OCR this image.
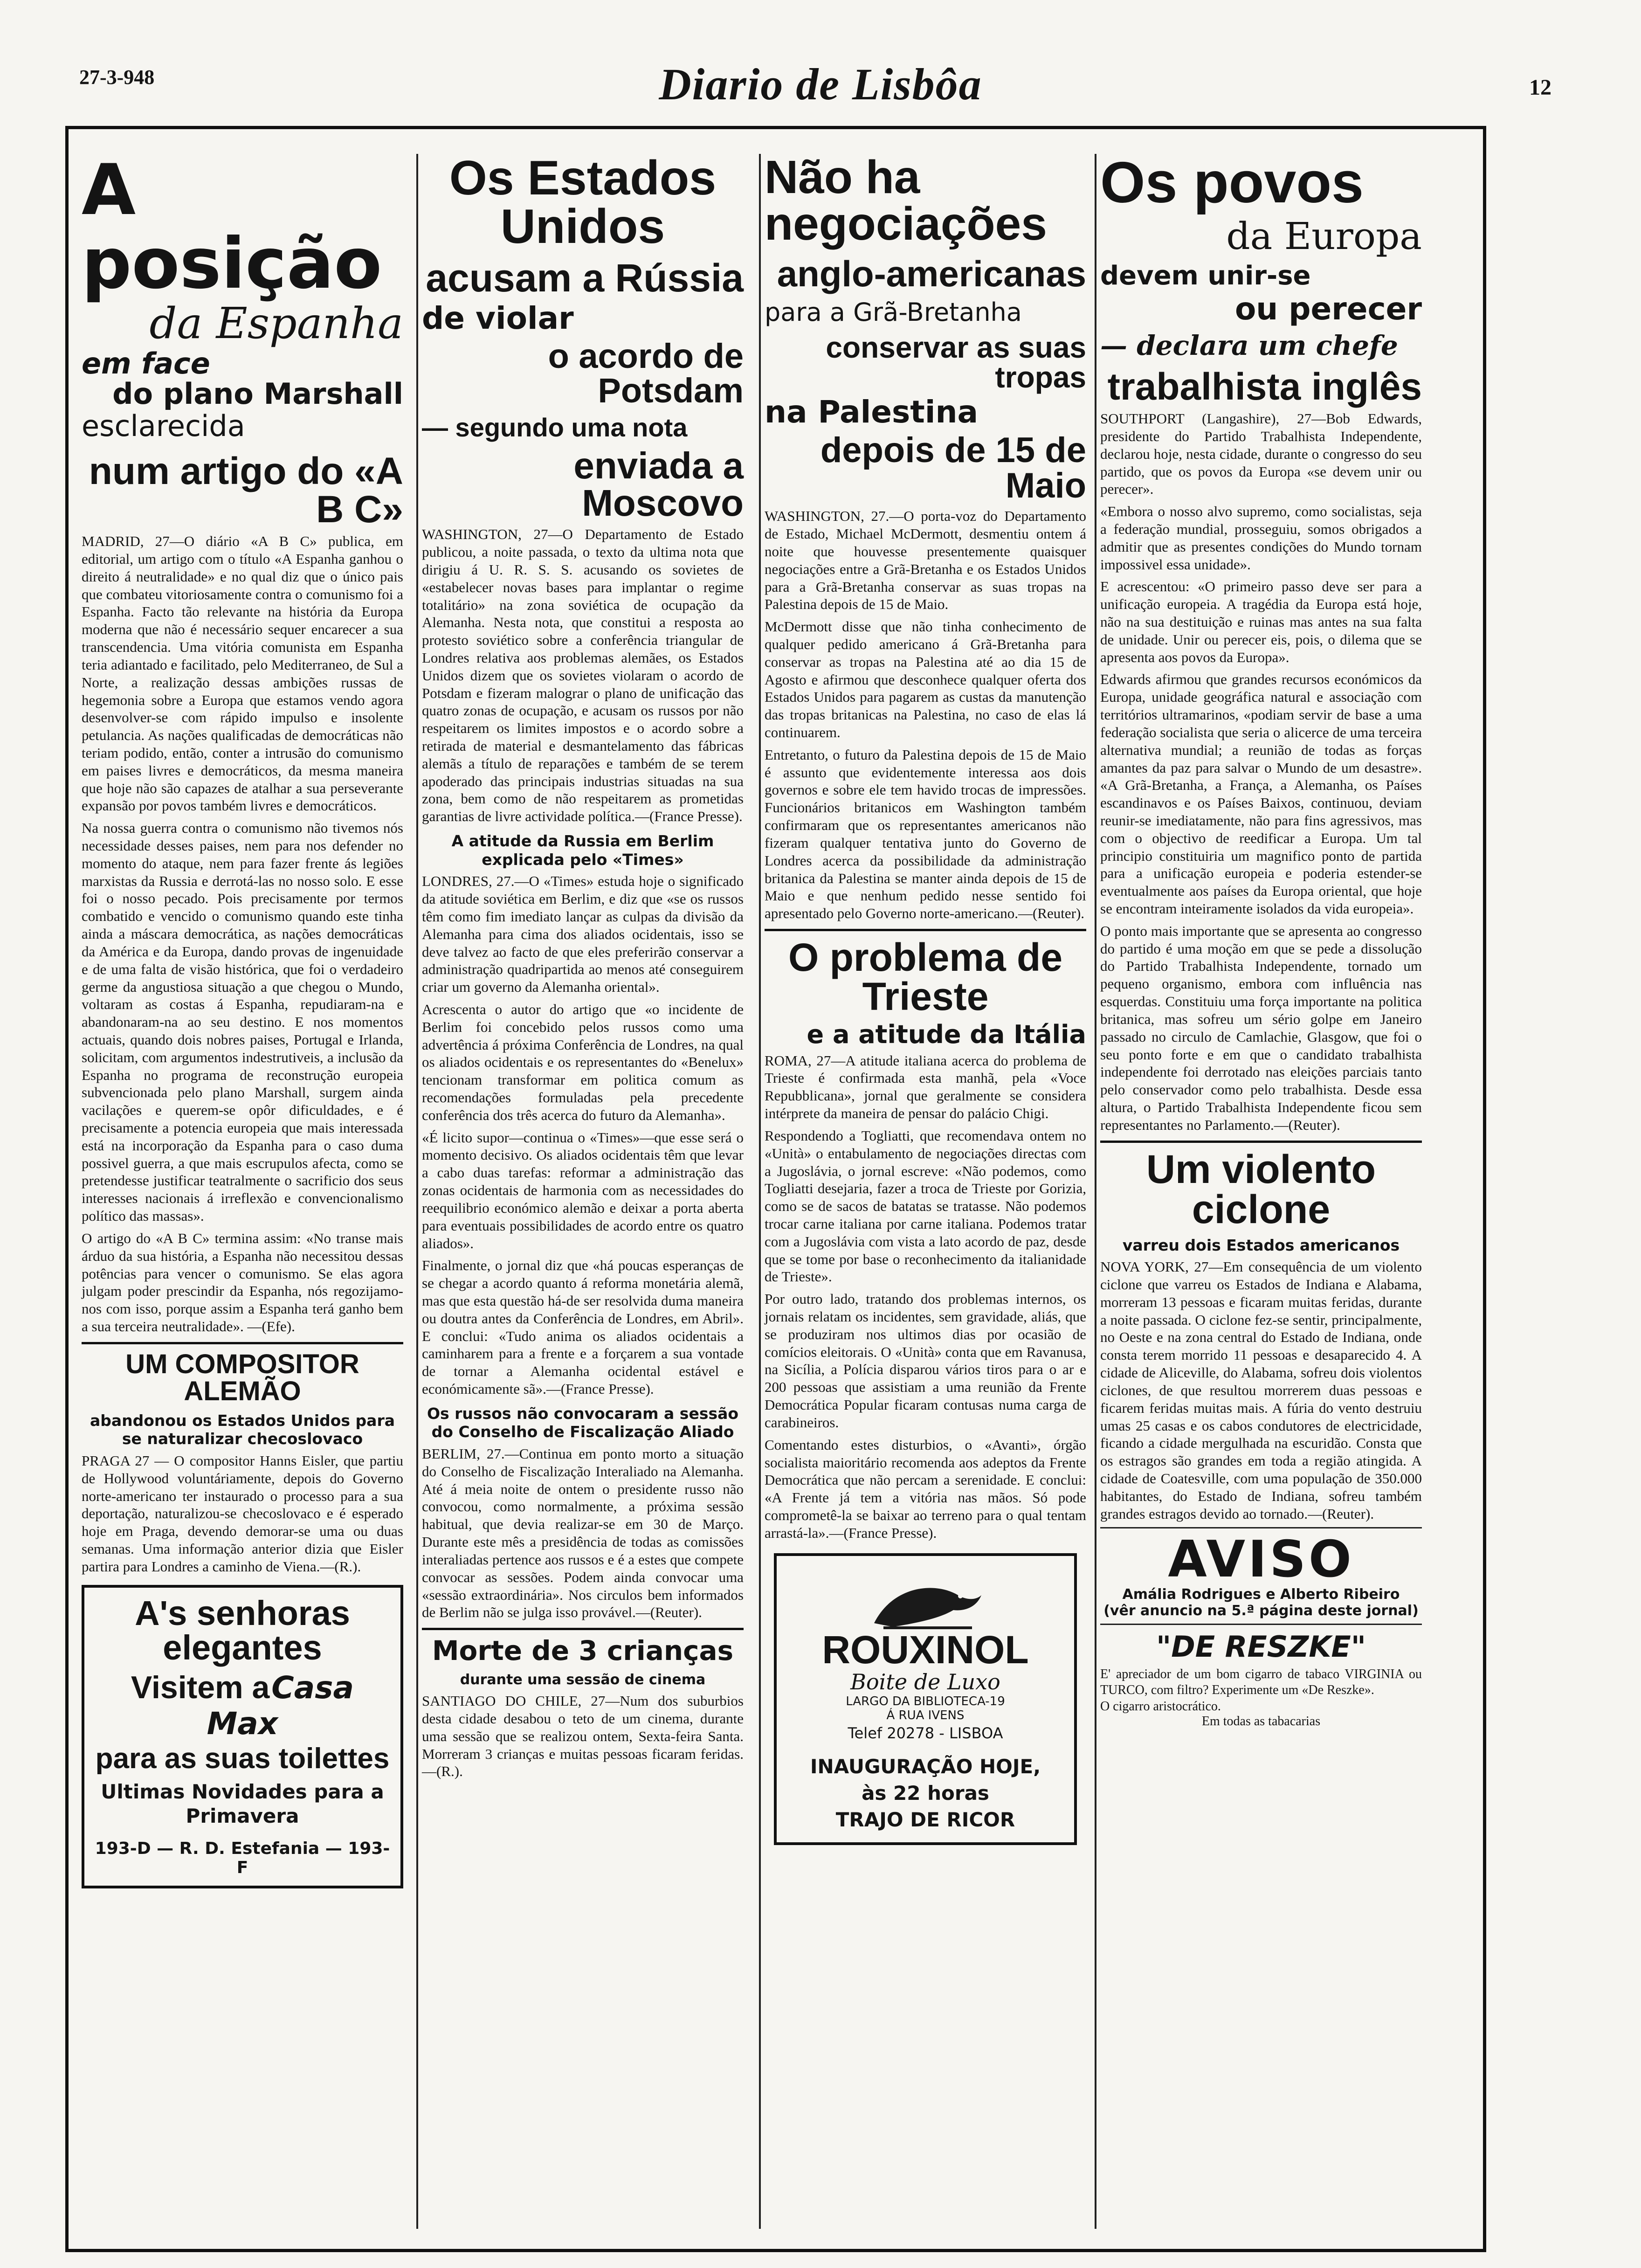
27-3-948	Diario de Lisbôa	12
A posição
da Espanha
em face
do plano Marshall
esclarecida
num artigo do «A B C»

MADRID, 27—O diário «A B C» publica, em editorial, um artigo com o título «A Espanha ganhou o direito á neutralidade» e no qual diz que o único pais que combateu vitoriosamente contra o comunismo foi a Espanha. Facto tão relevante na história da Europa moderna que não é necessário sequer encarecer a sua transcendencia. Uma vitória comunista em Espanha teria adiantado e facilitado, pelo Mediterraneo, de Sul a Norte, a realização dessas ambições russas de hegemonia sobre a Europa que estamos vendo agora desenvolver-se com rápido impulso e insolente petulancia. As nações qualificadas de democráticas não teriam podido, então, conter a intrusão do comunismo em paises livres e democráticos, da mesma maneira que hoje não são capazes de atalhar a sua perseverante expansão por povos também livres e democráticos.

Na nossa guerra contra o comunismo não tivemos nós necessidade desses paises, nem para nos defender no momento do ataque, nem para fazer frente ás legiões marxistas da Russia e derrotá-las no nosso solo. E esse foi o nosso pecado. Pois precisamente por termos combatido e vencido o comunismo quando este tinha ainda a máscara democrática, as nações democráticas da América e da Europa, dando provas de ingenuidade e de uma falta de visão histórica, que foi o verdadeiro germe da angustiosa situação a que chegou o Mundo, voltaram as costas á Espanha, repudiaram-na e abandonaram-na ao seu destino. E nos momentos actuais, quando dois nobres paises, Portugal e Irlanda, solicitam, com argumentos indestrutiveis, a inclusão da Espanha no programa de reconstrução europeia subvencionada pelo plano Marshall, surgem ainda vacilações e querem-se opôr dificuldades, e é precisamente a potencia europeia que mais interessada está na incorporação da Espanha para o caso duma possivel guerra, a que mais escrupulos afecta, como se pretendesse justificar teatralmente o sacrificio dos seus interesses nacionais á irreflexão e convencionalismo político das massas».

O artigo do «A B C» termina assim: «No transe mais árduo da sua história, a Espanha não necessitou dessas potências para vencer o comunismo. Se elas agora julgam poder prescindir da Espanha, nós regozijamo-nos com isso, porque assim a Espanha terá ganho bem a sua terceira neutralidade». —(Efe).

UM COMPOSITOR ALEMÃO
abandonou os Estados Unidos para se naturalizar checoslovaco

PRAGA 27 — O compositor Hanns Eisler, que partiu de Hollywood voluntáriamente, depois do Governo norte-americano ter instaurado o processo para a sua deportação, naturalizou-se checoslovaco e é esperado hoje em Praga, devendo demorar-se uma ou duas semanas. Uma informação anterior dizia que Eisler partira para Londres a caminho de Viena.—(R.).

A's senhoras elegantes
Visitem a Casa Max
para as suas toilettes
Ultimas Novidades para a Primavera
193-D — R. D. Estefania — 193-F
Os Estados Unidos
acusam a Rússia
de violar
o acordo de Potsdam
— segundo uma nota
enviada a Moscovo

WASHINGTON, 27—O Departamento de Estado publicou, a noite passada, o texto da ultima nota que dirigiu á U. R. S. S. acusando os sovietes de «estabelecer novas bases para implantar o regime totalitário» na zona soviética de ocupação da Alemanha. Nesta nota, que constitui a resposta ao protesto soviético sobre a conferência triangular de Londres relativa aos problemas alemães, os Estados Unidos dizem que os sovietes violaram o acordo de Potsdam e fizeram malograr o plano de unificação das quatro zonas de ocupação, e acusam os russos por não respeitarem os limites impostos e o acordo sobre a retirada de material e desmantelamento das fábricas alemãs a título de reparações e também de se terem apoderado das principais industrias situadas na sua zona, bem como de não respeitarem as prometidas garantias de livre actividade política.—(France Presse).

A atitude da Russia em Berlim explicada pelo «Times»

LONDRES, 27.—O «Times» estuda hoje o significado da atitude soviética em Berlim, e diz que «se os russos têm como fim imediato lançar as culpas da divisão da Alemanha para cima dos aliados ocidentais, isso se deve talvez ao facto de que eles preferirão conservar a administração quadripartida ao menos até conseguirem criar um governo da Alemanha oriental».

Acrescenta o autor do artigo que «o incidente de Berlim foi concebido pelos russos como uma advertência á próxima Conferência de Londres, na qual os aliados ocidentais e os representantes do «Benelux» tencionam transformar em politica comum as recomendações formuladas pela precedente conferência dos três acerca do futuro da Alemanha».

«É licito supor—continua o «Times»—que esse será o momento decisivo. Os aliados ocidentais têm que levar a cabo duas tarefas: reformar a administração das zonas ocidentais de harmonia com as necessidades do reequilibrio económico alemão e deixar a porta aberta para eventuais possibilidades de acordo entre os quatro aliados».

Finalmente, o jornal diz que «há poucas esperanças de se chegar a acordo quanto á reforma monetária alemã, mas que esta questão há-de ser resolvida duma maneira ou doutra antes da Conferência de Londres, em Abril». E conclui: «Tudo anima os aliados ocidentais a caminharem para a frente e a forçarem a sua vontade de tornar a Alemanha ocidental estável e económicamente sã».—(France Presse).

Os russos não convocaram a sessão do Conselho de Fiscalização Aliado

BERLIM, 27.—Continua em ponto morto a situação do Conselho de Fiscalização Interaliado na Alemanha. Até á meia noite de ontem o presidente russo não convocou, como normalmente, a próxima sessão habitual, que devia realizar-se em 30 de Março. Durante este mês a presidência de todas as comissões interaliadas pertence aos russos e é a estes que compete convocar as sessões. Podem ainda convocar uma «sessão extraordinária». Nos circulos bem informados de Berlim não se julga isso provável.—(Reuter).

Morte de 3 crianças
durante uma sessão de cinema

SANTIAGO DO CHILE, 27—Num dos suburbios desta cidade desabou o teto de um cinema, durante uma sessão que se realizou ontem, Sexta-feira Santa. Morreram 3 crianças e muitas pessoas ficaram feridas.—(R.).

Não ha negociações
anglo-americanas
para a Grã-Bretanha
conservar as suas tropas
na Palestina
depois de 15 de Maio

WASHINGTON, 27.—O porta-voz do Departamento de Estado, Michael McDermott, desmentiu ontem á noite que houvesse presentemente quaisquer negociações entre a Grã-Bretanha e os Estados Unidos para a Grã-Bretanha conservar as suas tropas na Palestina depois de 15 de Maio.

McDermott disse que não tinha conhecimento de qualquer pedido americano á Grã-Bretanha para conservar as tropas na Palestina até ao dia 15 de Agosto e afirmou que desconhece qualquer oferta dos Estados Unidos para pagarem as custas da manutenção das tropas britanicas na Palestina, no caso de elas lá continuarem.

Entretanto, o futuro da Palestina depois de 15 de Maio é assunto que evidentemente interessa aos dois governos e sobre ele tem havido trocas de impressões. Funcionários britanicos em Washington também confirmaram que os representantes americanos não fizeram qualquer tentativa junto do Governo de Londres acerca da possibilidade da administração britanica da Palestina se manter ainda depois de 15 de Maio e que nenhum pedido nesse sentido foi apresentado pelo Governo norte-americano.—(Reuter).

O problema de Trieste
e a atitude da Itália

ROMA, 27—A atitude italiana acerca do problema de Trieste é confirmada esta manhã, pela «Voce Repubblicana», jornal que geralmente se considera intérprete da maneira de pensar do palácio Chigi.

Respondendo a Togliatti, que recomendava ontem no «Unità» o entabulamento de negociações directas com a Jugoslávia, o jornal escreve: «Não podemos, como Togliatti desejaria, fazer a troca de Trieste por Gorizia, como se de sacos de batatas se tratasse. Não podemos trocar carne italiana por carne italiana. Podemos tratar com a Jugoslávia com vista a lato acordo de paz, desde que se tome por base o reconhecimento da italianidade de Trieste».

Por outro lado, tratando dos problemas internos, os jornais relatam os incidentes, sem gravidade, aliás, que se produziram nos ultimos dias por ocasião de comícios eleitorais. O «Unità» conta que em Ravanusa, na Sicília, a Polícia disparou vários tiros para o ar e 200 pessoas que assistiam a uma reunião da Frente Democrática Popular ficaram contusas numa carga de carabineiros.

Comentando estes disturbios, o «Avanti», órgão socialista maioritário recomenda aos adeptos da Frente Democrática que não percam a serenidade. E conclui: «A Frente já tem a vitória nas mãos. Só pode comprometê-la se baixar ao terreno para o qual tentam arrastá-la».—(France Presse).

ROUXINOL
Boite de Luxo
LARGO DA BIBLIOTECA-19
Á RUA IVENS
Telef 20278 - LISBOA
INAUGURAÇÃO HOJE,
às 22 horas
TRAJO DE RICOR
Os povos
da Europa
devem unir-se
ou perecer
— declara um chefe
trabalhista inglês

SOUTHPORT (Langashire), 27—Bob Edwards, presidente do Partido Trabalhista Independente, declarou hoje, nesta cidade, durante o congresso do seu partido, que os povos da Europa «se devem unir ou perecer».

«Embora o nosso alvo supremo, como socialistas, seja a federação mundial, prosseguiu, somos obrigados a admitir que as presentes condições do Mundo tornam impossivel essa unidade».

E acrescentou: «O primeiro passo deve ser para a unificação europeia. A tragédia da Europa está hoje, não na sua destituição e ruinas mas antes na sua falta de unidade. Unir ou perecer eis, pois, o dilema que se apresenta aos povos da Europa».

Edwards afirmou que grandes recursos económicos da Europa, unidade geográfica natural e associação com territórios ultramarinos, «podiam servir de base a uma federação socialista que seria o alicerce de uma terceira alternativa mundial; a reunião de todas as forças amantes da paz para salvar o Mundo de um desastre». «A Grã-Bretanha, a França, a Alemanha, os Países escandinavos e os Países Baixos, continuou, deviam reunir-se imediatamente, não para fins agressivos, mas com o objectivo de reedificar a Europa. Um tal principio constituiria um magnifico ponto de partida para a unificação europeia e poderia estender-se eventualmente aos países da Europa oriental, que hoje se encontram inteiramente isolados da vida europeia».

O ponto mais importante que se apresenta ao congresso do partido é uma moção em que se pede a dissolução do Partido Trabalhista Independente, tornado um pequeno organismo, embora com influência nas esquerdas. Constituiu uma força importante na politica britanica, mas sofreu um sério golpe em Janeiro passado no circulo de Camlachie, Glasgow, que foi o seu ponto forte e em que o candidato trabalhista independente foi derrotado nas eleições parciais tanto pelo conservador como pelo trabalhista. Desde essa altura, o Partido Trabalhista Independente ficou sem representantes no Parlamento.—(Reuter).

Um violento ciclone
varreu dois Estados americanos

NOVA YORK, 27—Em consequência de um violento ciclone que varreu os Estados de Indiana e Alabama, morreram 13 pessoas e ficaram muitas feridas, durante a noite passada. O ciclone fez-se sentir, principalmente, no Oeste e na zona central do Estado de Indiana, onde consta terem morrido 11 pessoas e desaparecido 4. A cidade de Aliceville, do Alabama, sofreu dois violentos ciclones, de que resultou morrerem duas pessoas e ficarem feridas muitas mais. A fúria do vento destruiu umas 25 casas e os cabos condutores de electricidade, ficando a cidade mergulhada na escuridão. Consta que os estragos são grandes em toda a região atingida. A cidade de Coatesville, com uma população de 350.000 habitantes, do Estado de Indiana, sofreu também grandes estragos devido ao tornado.—(Reuter).

AVISO
Amália Rodrigues e Alberto Ribeiro
(vêr anuncio na 5.ª página deste jornal)
"DE RESZKE"

E' apreciador de um bom cigarro de tabaco VIRGINIA ou TURCO, com filtro? Experimente um «De Reszke».

O cigarro aristocrático.
Em todas as tabacarias
